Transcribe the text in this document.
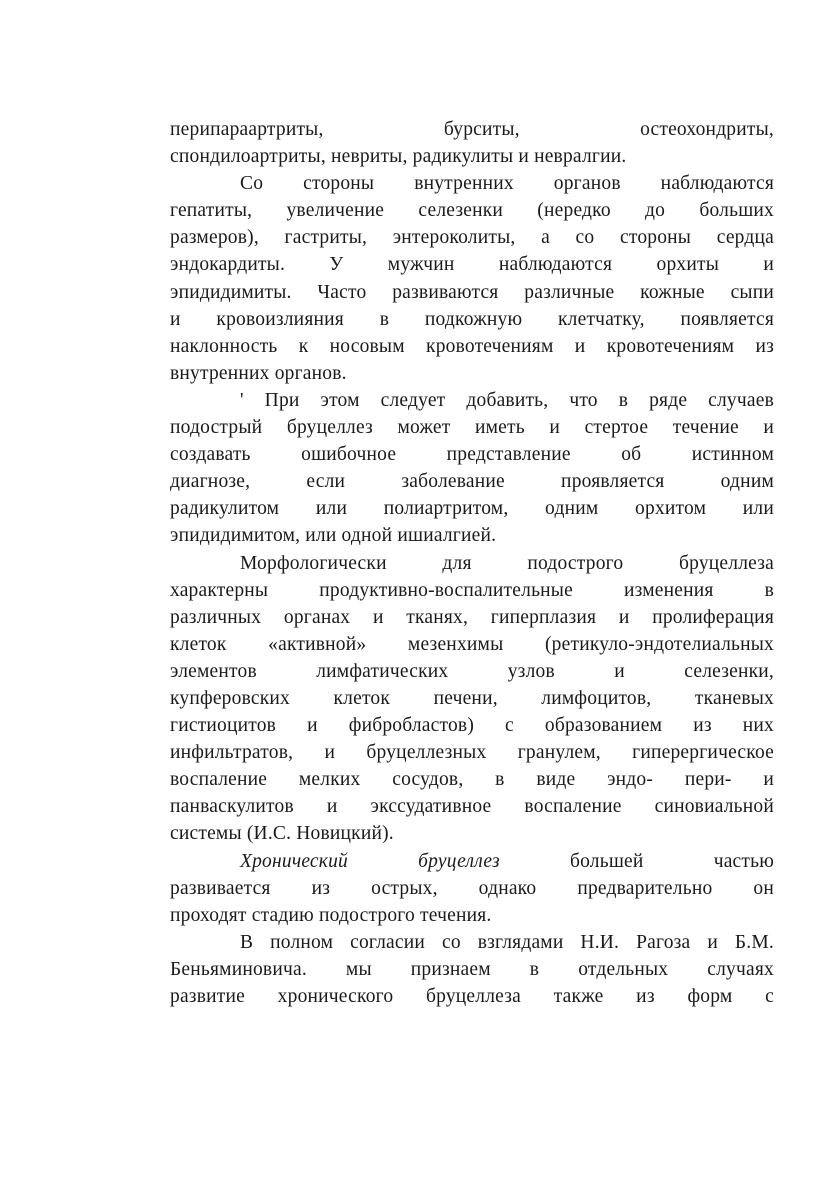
перипараартриты, бурситы, остеохондриты,
спондилоартриты, невриты, радикулиты и невралгии.
Со стороны внутренних органов наблюдаются
гепатиты, увеличение селезенки (нередко до больших
размеров), гастриты, энтероколиты, а со стороны сердца
эндокардиты. У мужчин наблюдаются орхиты и
эпидидимиты. Часто развиваются различные кожные сыпи
и кровоизлияния в подкожную клетчатку, появляется
наклонность к носовым кровотечениям и кровотечениям из
внутренних органов.
' При этом следует добавить, что в ряде случаев
подострый бруцеллез может иметь и стертое течение и
создавать ошибочное представление об истинном
диагнозе, если заболевание проявляется одним
радикулитом или полиартритом, одним орхитом или
эпидидимитом, или одной ишиалгией.
Морфологически для подострого бруцеллеза
характерны продуктивно-воспалительные изменения в
различных органах и тканях, гиперплазия и пролиферация
клеток «активной» мезенхимы (ретикуло-эндотелиальных
элементов лимфатических узлов и селезенки,
купферовских клеток печени, лимфоцитов, тканевых
гистиоцитов и фибробластов) с образованием из них
инфильтратов, и бруцеллезных гранулем, гиперергическое
воспаление мелких сосудов, в виде эндо- пери- и
панваскулитов и экссудативное воспаление синовиальной
системы (И.С. Новицкий).
Хронический бруцеллез большей частью
развивается из острых, однако предварительно он
проходят стадию подострого течения.
В полном согласии со взглядами Н.И. Рагоза и Б.М.
Беньяминовича. мы признаем в отдельных случаях
развитие хронического бруцеллеза также из форм с
